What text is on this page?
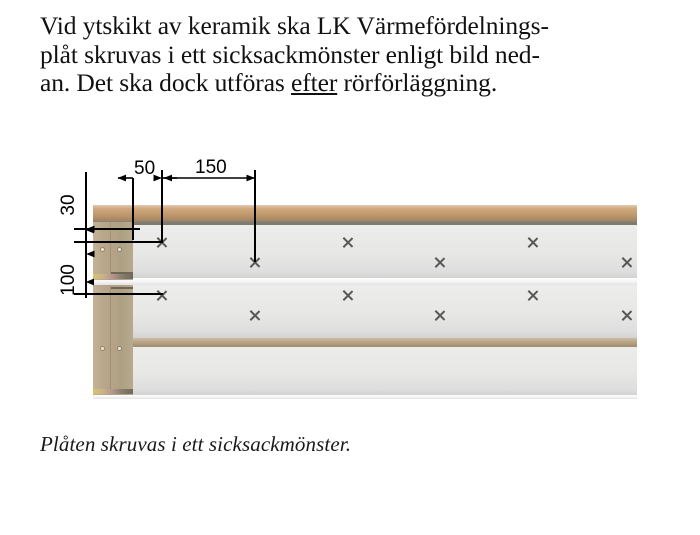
Vid ytskikt av keramik ska LK Värmefördelnings-
plåt skruvas i ett sicksackmönster enligt bild ned-
an. Det ska dock utföras efter rörförläggning.
50 150
30
100
Plåten skruvas i ett sicksackmönster.
